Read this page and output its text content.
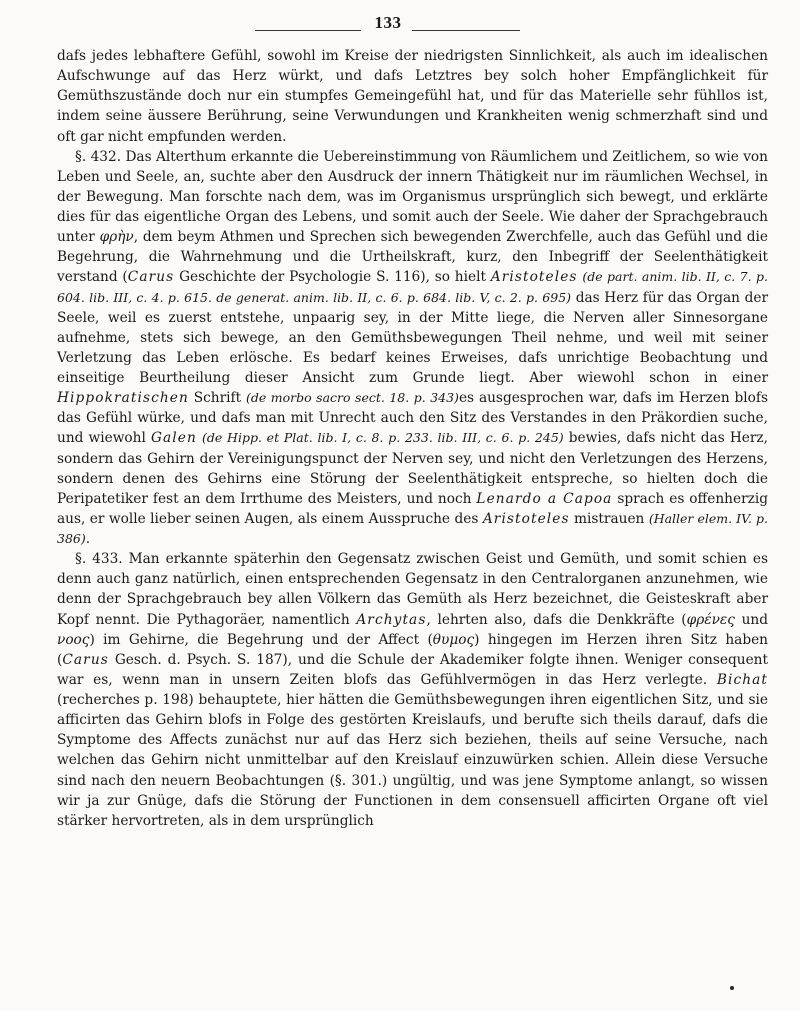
133

dafs jedes lebhaftere Gefühl, sowohl im Kreise der niedrigsten Sinnlichkeit, als auch im idealischen Aufschwunge auf das Herz würkt, und dafs Letztres bey solch hoher Empfänglichkeit für Gemüthszustände doch nur ein stumpfes Gemeingefühl hat, und für das Materielle sehr fühllos ist, indem seine äussere Berührung, seine Verwundungen und Krankheiten wenig schmerzhaft sind und oft gar nicht empfunden werden.

§. 432. Das Alterthum erkannte die Uebereinstimmung von Räumlichem und Zeitlichem, so wie von Leben und Seele, an, suchte aber den Ausdruck der innern Thätigkeit nur im räumlichen Wechsel, in der Bewegung. Man forschte nach dem, was im Organismus ursprünglich sich bewegt, und erklärte dies für das eigentliche Organ des Lebens, und somit auch der Seele. Wie daher der Sprachgebrauch unter φρὴν, dem beym Athmen und Sprechen sich bewegenden Zwerchfelle, auch das Gefühl und die Begehrung, die Wahrnehmung und die Urtheilskraft, kurz, den Inbegriff der Seelenthätigkeit verstand (Carus Geschichte der Psychologie S. 116), so hielt Aristoteles (de part. anim. lib. II, c. 7. p. 604. lib. III, c. 4. p. 615. de generat. anim. lib. II, c. 6. p. 684. lib. V, c. 2. p. 695) das Herz für das Organ der Seele, weil es zuerst entstehe, unpaarig sey, in der Mitte liege, die Nerven aller Sinnesorgane aufnehme, stets sich bewege, an den Gemüthsbewegungen Theil nehme, und weil mit seiner Verletzung das Leben erlösche. Es bedarf keines Erweises, dafs unrichtige Beobachtung und einseitige Beurtheilung dieser Ansicht zum Grunde liegt. Aber wiewohl schon in einer Hippokratischen Schrift (de morbo sacro sect. 18. p. 343)es ausgesprochen war, dafs im Herzen blofs das Gefühl würke, und dafs man mit Unrecht auch den Sitz des Verstandes in den Präkordien suche, und wiewohl Galen (de Hipp. et Plat. lib. I, c. 8. p. 233. lib. III, c. 6. p. 245) bewies, dafs nicht das Herz, sondern das Gehirn der Vereinigungspunct der Nerven sey, und nicht den Verletzungen des Herzens, sondern denen des Gehirns eine Störung der Seelenthätigkeit entspreche, so hielten doch die Peripatetiker fest an dem Irrthume des Meisters, und noch Lenardo a Capoa sprach es offenherzig aus, er wolle lieber seinen Augen, als einem Ausspruche des Aristoteles mistrauen (Haller elem. IV. p. 386).

§. 433. Man erkannte späterhin den Gegensatz zwischen Geist und Gemüth, und somit schien es denn auch ganz natürlich, einen entsprechenden Gegensatz in den Centralorganen anzunehmen, wie denn der Sprachgebrauch bey allen Völkern das Gemüth als Herz bezeichnet, die Geisteskraft aber Kopf nennt. Die Pythagoräer, namentlich Archytas, lehrten also, dafs die Denkkräfte (φρένες und νοος) im Gehirne, die Begehrung und der Affect (θυμος) hingegen im Herzen ihren Sitz haben (Carus Gesch. d. Psych. S. 187), und die Schule der Akademiker folgte ihnen. Weniger consequent war es, wenn man in unsern Zeiten blofs das Gefühlvermögen in das Herz verlegte. Bichat (recherches p. 198) behauptete, hier hätten die Gemüthsbewegungen ihren eigentlichen Sitz, und sie afficirten das Gehirn blofs in Folge des gestörten Kreislaufs, und berufte sich theils darauf, dafs die Symptome des Affects zunächst nur auf das Herz sich beziehen, theils auf seine Versuche, nach welchen das Gehirn nicht unmittelbar auf den Kreislauf einzuwürken schien. Allein diese Versuche sind nach den neuern Beobachtungen (§. 301.) ungültig, und was jene Symptome anlangt, so wissen wir ja zur Gnüge, dafs die Störung der Functionen in dem consensuell afficirten Organe oft viel stärker hervortreten, als in dem ursprünglich
